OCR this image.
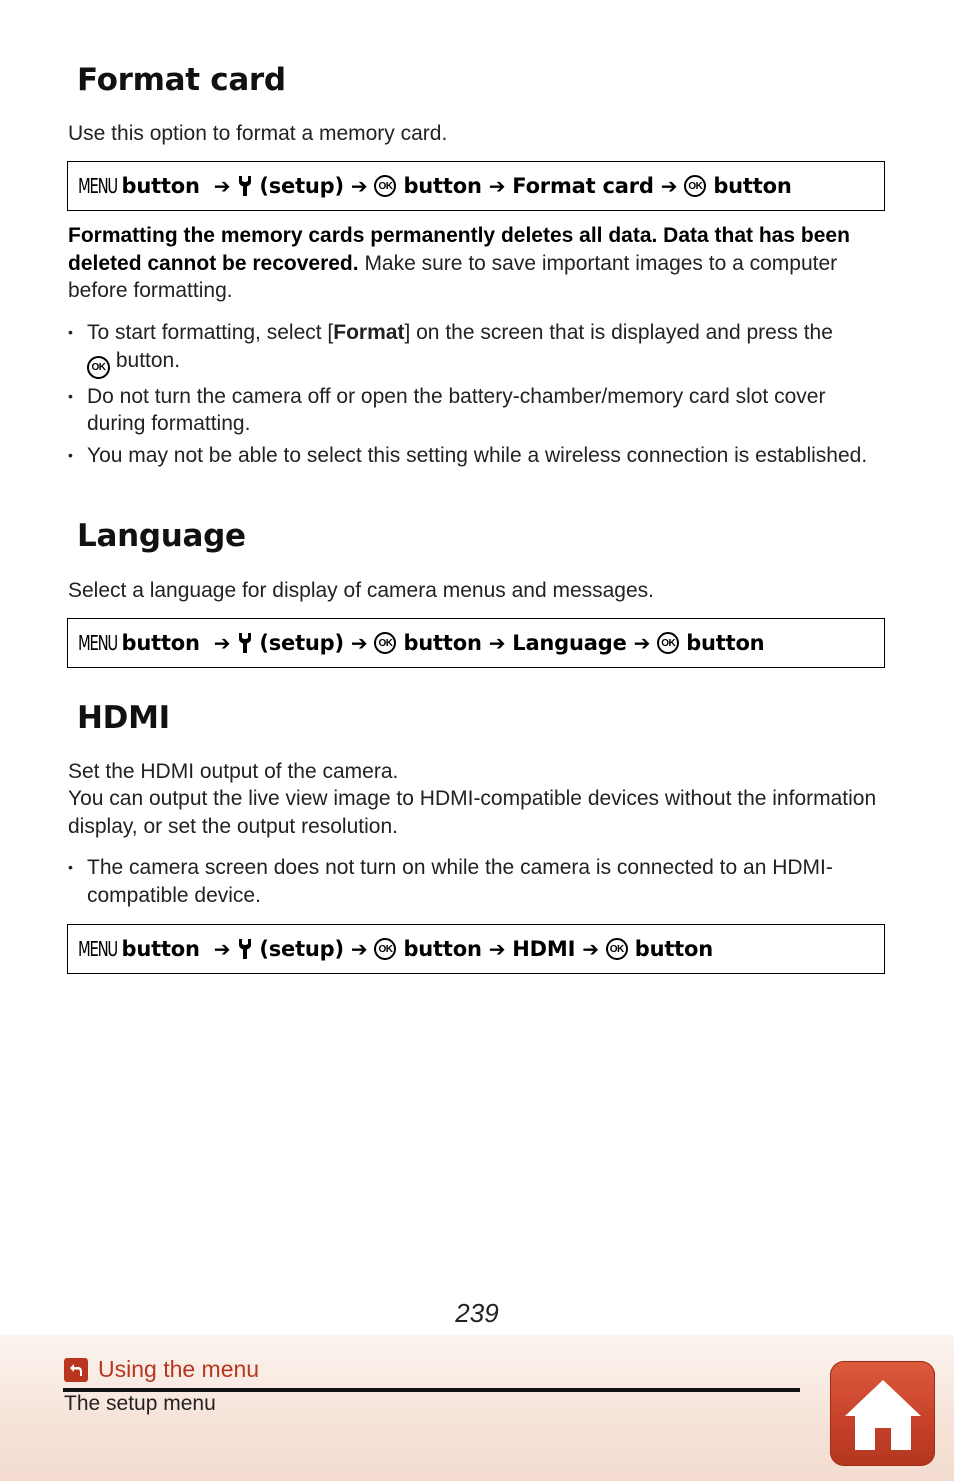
Format card

Use this option to format a memory card.

MENU button ➔ (setup) ➔	OK button ➔ Format card ➔	OK button

Formatting the memory cards permanently deletes all data. Data that has been deleted cannot be recovered. Make sure to save important images to a computer before formatting.

• To start formatting, select [Format] on the screen that is displayed and press the
OK button.
• Do not turn the camera off or open the battery-chamber/memory card slot cover during formatting.
• You may not be able to select this setting while a wireless connection is established.
Language

Select a language for display of camera menus and messages.

MENU button ➔ (setup) ➔	OK button ➔ Language ➔	OK button
HDMI

Set the HDMI output of the camera.

You can output the live view image to HDMI-compatible devices without the information display, or set the output resolution.

• The camera screen does not turn on while the camera is connected to an HDMI-compatible device.
MENU button ➔ (setup) ➔	OK button ➔ HDMI ➔	OK button
239
Using the menu
The setup menu
